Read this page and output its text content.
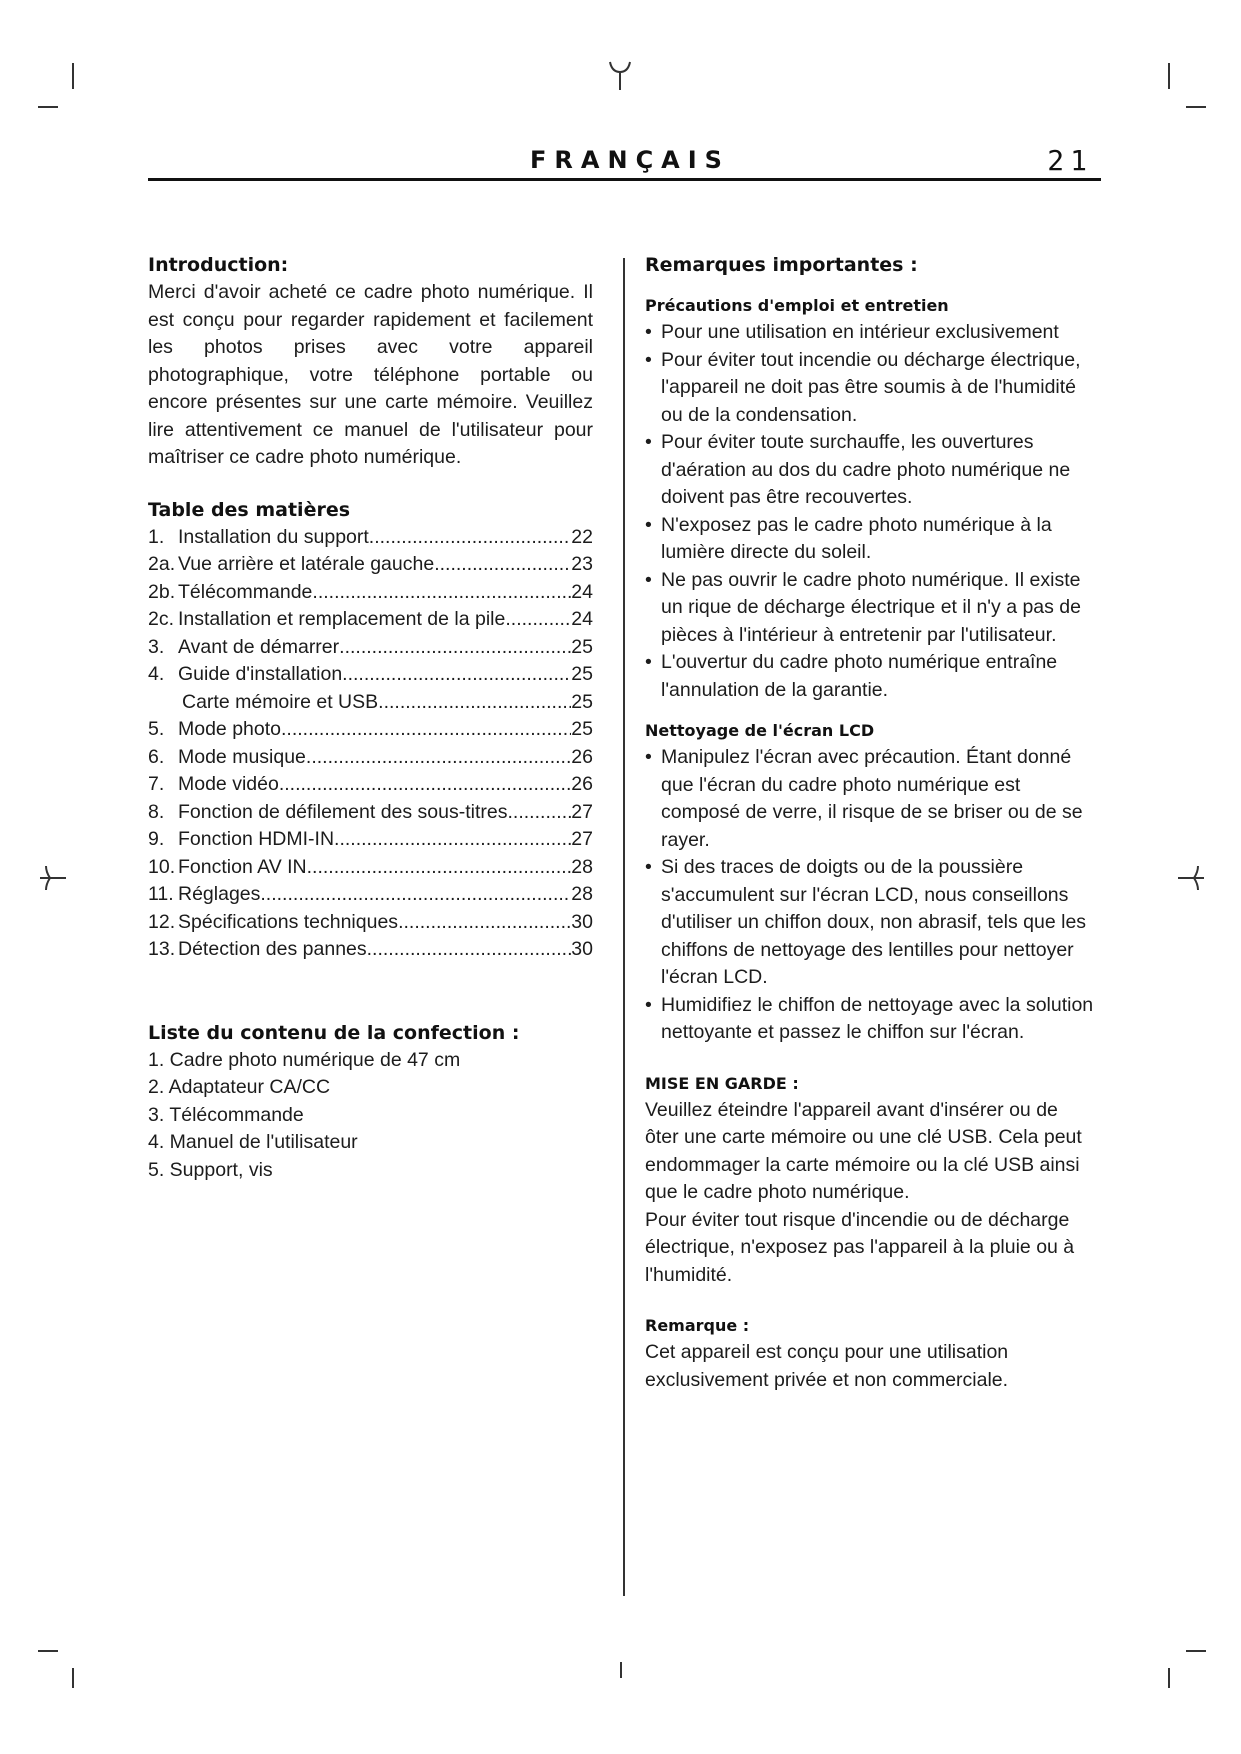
FRANÇAIS	21
Introduction:

Merci d'avoir acheté ce cadre photo numérique. Il est conçu pour regarder rapidement et facilement les photos prises avec votre appareil photographique, votre téléphone portable ou encore présentes sur une carte mémoire. Veuillez lire attentivement ce manuel de l'utilisateur pour maîtriser ce cadre photo numérique.

Table des matières
1. Installation du support .....	22
2a. Vue arrière et latérale gauche .....	23
2b. Télécommande .....	24
2c. Installation et remplacement de la pile .....	24
3. Avant de démarrer .....	25
4. Guide d'installation .....	25
Carte mémoire et USB .....	25
5. Mode photo .....	25
6. Mode musique .....	26
7. Mode vidéo .....	26
8. Fonction de défilement des sous-titres .....	27
9. Fonction HDMI-IN .....	27
10. Fonction AV IN .....	28
11. Réglages .....	28
12. Spécifications techniques .....	30
13. Détection des pannes .....	30
Liste du contenu de la confection :
1. Cadre photo numérique de 47 cm
2. Adaptateur CA/CC
3. Télécommande
4. Manuel de l'utilisateur
5. Support, vis
Remarques importantes :
Précautions d'emploi et entretien
• Pour une utilisation en intérieur exclusivement
• Pour éviter tout incendie ou décharge électrique, l'appareil ne doit pas être soumis à de l'humidité ou de la condensation.
• Pour éviter toute surchauffe, les ouvertures d'aération au dos du cadre photo numérique ne doivent pas être recouvertes.
• N'exposez pas le cadre photo numérique à la lumière directe du soleil.
• Ne pas ouvrir le cadre photo numérique. Il existe un rique de décharge électrique et il n'y a pas de pièces à l'intérieur à entretenir par l'utilisateur.
• L'ouvertur du cadre photo numérique entraîne l'annulation de la garantie.
Nettoyage de l'écran LCD
• Manipulez l'écran avec précaution. Étant donné que l'écran du cadre photo numérique est composé de verre, il risque de se briser ou de se rayer.
• Si des traces de doigts ou de la poussière s'accumulent sur l'écran LCD, nous conseillons d'utiliser un chiffon doux, non abrasif, tels que les chiffons de nettoyage des lentilles pour nettoyer l'écran LCD.
• Humidifiez le chiffon de nettoyage avec la solution nettoyante et passez le chiffon sur l'écran.
MISE EN GARDE :

Veuillez éteindre l'appareil avant d'insérer ou de ôter une carte mémoire ou une clé USB. Cela peut endommager la carte mémoire ou la clé USB ainsi que le cadre photo numérique.

Pour éviter tout risque d'incendie ou de décharge électrique, n'exposez pas l'appareil à la pluie ou à l'humidité.

Remarque :

Cet appareil est conçu pour une utilisation exclusivement privée et non commerciale.
